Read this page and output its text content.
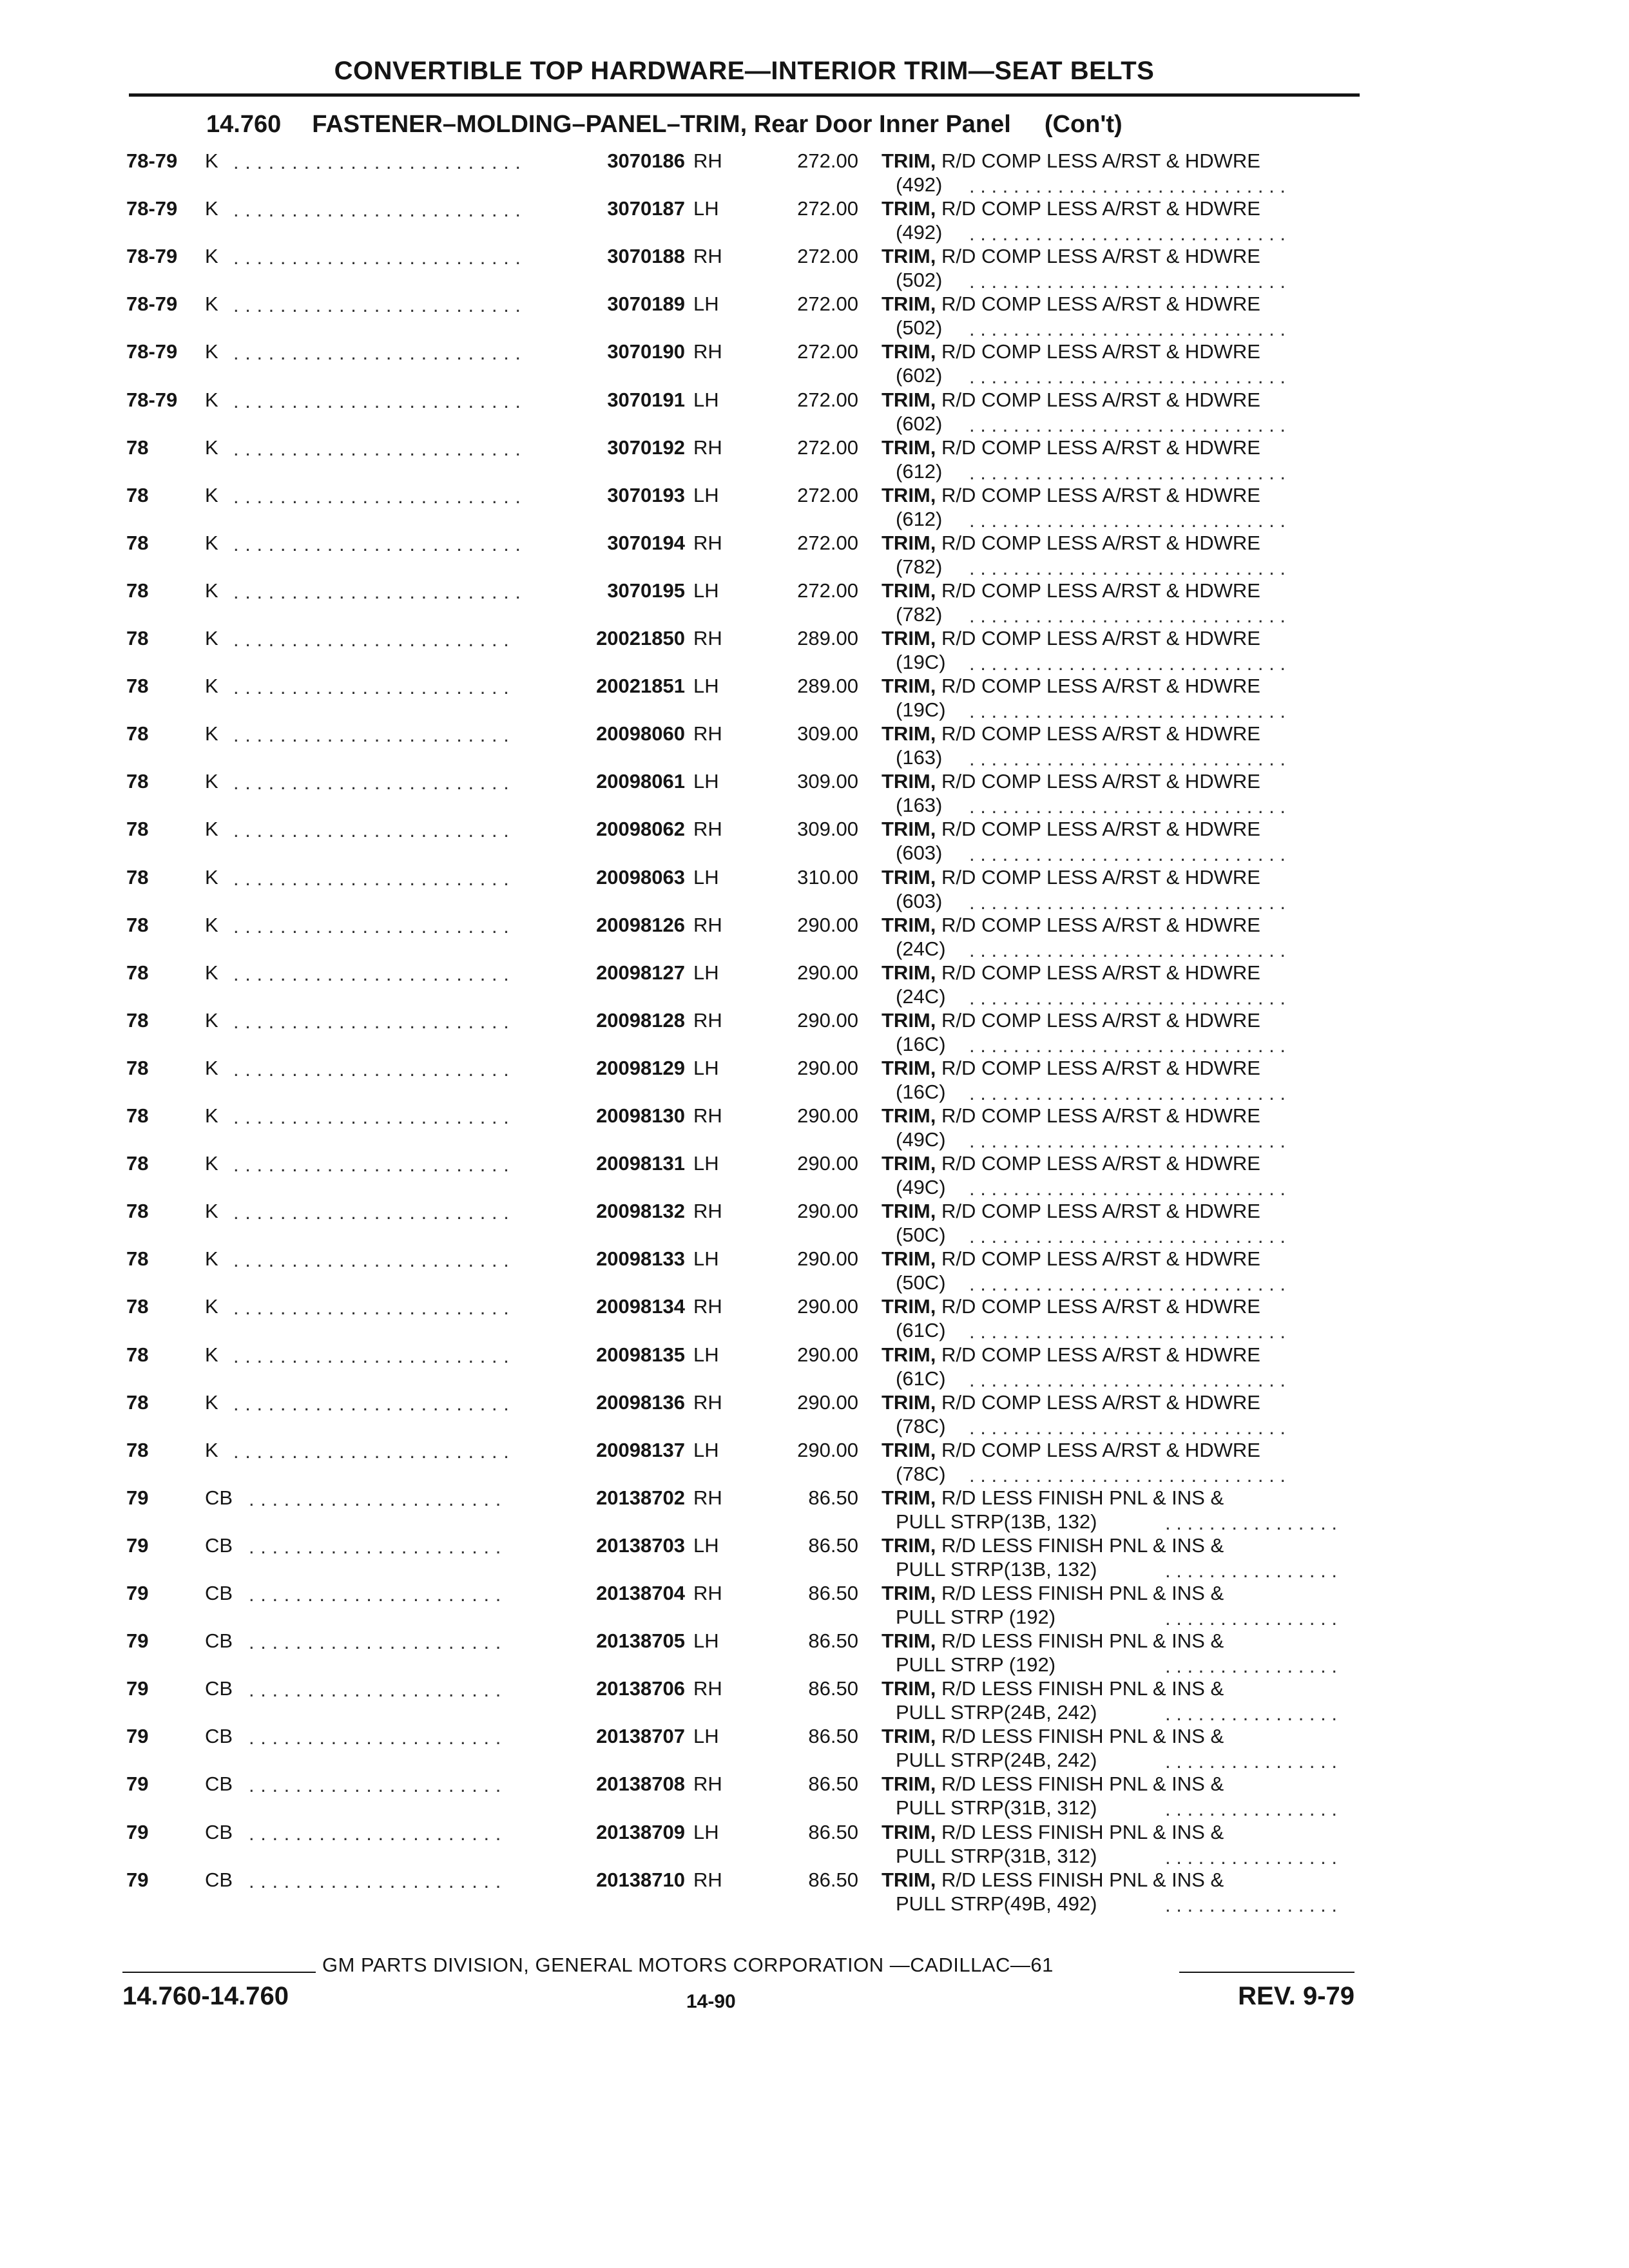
CONVERTIBLE TOP HARDWARE—INTERIOR TRIM—SEAT BELTS
14.760 FASTENER–MOLDING–PANEL–TRIM, Rear Door Inner Panel (Con't)
78-79 K . . . . . . . . . . . . . . . . . . . . . . . . .	3070186 RH	272.00 TRIM, R/D COMP LESS A/RST & HDWRE
(492) . . . . . . . . . . . . . . . . . . . . . . . . . . . . .
78-79 K . . . . . . . . . . . . . . . . . . . . . . . . .	3070187 LH	272.00 TRIM, R/D COMP LESS A/RST & HDWRE
(492) . . . . . . . . . . . . . . . . . . . . . . . . . . . . .
78-79 K . . . . . . . . . . . . . . . . . . . . . . . . .	3070188 RH	272.00 TRIM, R/D COMP LESS A/RST & HDWRE
(502) . . . . . . . . . . . . . . . . . . . . . . . . . . . . .
78-79 K . . . . . . . . . . . . . . . . . . . . . . . . .	3070189 LH	272.00 TRIM, R/D COMP LESS A/RST & HDWRE
(502) . . . . . . . . . . . . . . . . . . . . . . . . . . . . .
78-79 K . . . . . . . . . . . . . . . . . . . . . . . . .	3070190 RH	272.00 TRIM, R/D COMP LESS A/RST & HDWRE
(602) . . . . . . . . . . . . . . . . . . . . . . . . . . . . .
78-79 K . . . . . . . . . . . . . . . . . . . . . . . . .	3070191 LH	272.00 TRIM, R/D COMP LESS A/RST & HDWRE
(602) . . . . . . . . . . . . . . . . . . . . . . . . . . . . .
78	K . . . . . . . . . . . . . . . . . . . . . . . . .	3070192 RH	272.00 TRIM, R/D COMP LESS A/RST & HDWRE
(612) . . . . . . . . . . . . . . . . . . . . . . . . . . . . .
78	K . . . . . . . . . . . . . . . . . . . . . . . . .	3070193 LH	272.00 TRIM, R/D COMP LESS A/RST & HDWRE
(612) . . . . . . . . . . . . . . . . . . . . . . . . . . . . .
78	K . . . . . . . . . . . . . . . . . . . . . . . . .	3070194 RH	272.00 TRIM, R/D COMP LESS A/RST & HDWRE
(782) . . . . . . . . . . . . . . . . . . . . . . . . . . . . .
78	K . . . . . . . . . . . . . . . . . . . . . . . . .	3070195 LH	272.00 TRIM, R/D COMP LESS A/RST & HDWRE
(782) . . . . . . . . . . . . . . . . . . . . . . . . . . . . .
78	K . . . . . . . . . . . . . . . . . . . . . . . .	20021850 RH	289.00 TRIM, R/D COMP LESS A/RST & HDWRE
(19C) . . . . . . . . . . . . . . . . . . . . . . . . . . . . .
78	K . . . . . . . . . . . . . . . . . . . . . . . .	20021851 LH	289.00 TRIM, R/D COMP LESS A/RST & HDWRE
(19C) . . . . . . . . . . . . . . . . . . . . . . . . . . . . .
78	K . . . . . . . . . . . . . . . . . . . . . . . .	20098060 RH	309.00 TRIM, R/D COMP LESS A/RST & HDWRE
(163) . . . . . . . . . . . . . . . . . . . . . . . . . . . . .
78	K . . . . . . . . . . . . . . . . . . . . . . . .	20098061 LH	309.00 TRIM, R/D COMP LESS A/RST & HDWRE
(163) . . . . . . . . . . . . . . . . . . . . . . . . . . . . .
78	K . . . . . . . . . . . . . . . . . . . . . . . .	20098062 RH	309.00 TRIM, R/D COMP LESS A/RST & HDWRE
(603) . . . . . . . . . . . . . . . . . . . . . . . . . . . . .
78	K . . . . . . . . . . . . . . . . . . . . . . . .	20098063 LH	310.00 TRIM, R/D COMP LESS A/RST & HDWRE
(603) . . . . . . . . . . . . . . . . . . . . . . . . . . . . .
78	K . . . . . . . . . . . . . . . . . . . . . . . .	20098126 RH	290.00 TRIM, R/D COMP LESS A/RST & HDWRE
(24C) . . . . . . . . . . . . . . . . . . . . . . . . . . . . .
78	K . . . . . . . . . . . . . . . . . . . . . . . .	20098127 LH	290.00 TRIM, R/D COMP LESS A/RST & HDWRE
(24C) . . . . . . . . . . . . . . . . . . . . . . . . . . . . .
78	K . . . . . . . . . . . . . . . . . . . . . . . .	20098128 RH	290.00 TRIM, R/D COMP LESS A/RST & HDWRE
(16C) . . . . . . . . . . . . . . . . . . . . . . . . . . . . .
78	K . . . . . . . . . . . . . . . . . . . . . . . .	20098129 LH	290.00 TRIM, R/D COMP LESS A/RST & HDWRE
(16C) . . . . . . . . . . . . . . . . . . . . . . . . . . . . .
78	K . . . . . . . . . . . . . . . . . . . . . . . .	20098130 RH	290.00 TRIM, R/D COMP LESS A/RST & HDWRE
(49C) . . . . . . . . . . . . . . . . . . . . . . . . . . . . .
78	K . . . . . . . . . . . . . . . . . . . . . . . .	20098131 LH	290.00 TRIM, R/D COMP LESS A/RST & HDWRE
(49C) . . . . . . . . . . . . . . . . . . . . . . . . . . . . .
78	K . . . . . . . . . . . . . . . . . . . . . . . .	20098132 RH	290.00 TRIM, R/D COMP LESS A/RST & HDWRE
(50C) . . . . . . . . . . . . . . . . . . . . . . . . . . . . .
78	K . . . . . . . . . . . . . . . . . . . . . . . .	20098133 LH	290.00 TRIM, R/D COMP LESS A/RST & HDWRE
(50C) . . . . . . . . . . . . . . . . . . . . . . . . . . . . .
78	K . . . . . . . . . . . . . . . . . . . . . . . .	20098134 RH	290.00 TRIM, R/D COMP LESS A/RST & HDWRE
(61C) . . . . . . . . . . . . . . . . . . . . . . . . . . . . .
78	K . . . . . . . . . . . . . . . . . . . . . . . .	20098135 LH	290.00 TRIM, R/D COMP LESS A/RST & HDWRE
(61C) . . . . . . . . . . . . . . . . . . . . . . . . . . . . .
78	K . . . . . . . . . . . . . . . . . . . . . . . .	20098136 RH	290.00 TRIM, R/D COMP LESS A/RST & HDWRE
(78C) . . . . . . . . . . . . . . . . . . . . . . . . . . . . .
78	K . . . . . . . . . . . . . . . . . . . . . . . .	20098137 LH	290.00 TRIM, R/D COMP LESS A/RST & HDWRE
(78C) . . . . . . . . . . . . . . . . . . . . . . . . . . . . .
79	CB . . . . . . . . . . . . . . . . . . . . . .	20138702 RH	86.50 TRIM, R/D LESS FINISH PNL & INS &
PULL STRP(13B, 132)	. . . . . . . . . . . . . . . .
79	CB . . . . . . . . . . . . . . . . . . . . . .	20138703 LH	86.50 TRIM, R/D LESS FINISH PNL & INS &
PULL STRP(13B, 132)	. . . . . . . . . . . . . . . .
79	CB . . . . . . . . . . . . . . . . . . . . . .	20138704 RH	86.50 TRIM, R/D LESS FINISH PNL & INS &
PULL STRP (192)	. . . . . . . . . . . . . . . .
79	CB . . . . . . . . . . . . . . . . . . . . . .	20138705 LH	86.50 TRIM, R/D LESS FINISH PNL & INS &
PULL STRP (192)	. . . . . . . . . . . . . . . .
79	CB . . . . . . . . . . . . . . . . . . . . . .	20138706 RH	86.50 TRIM, R/D LESS FINISH PNL & INS &
PULL STRP(24B, 242)	. . . . . . . . . . . . . . . .
79	CB . . . . . . . . . . . . . . . . . . . . . .	20138707 LH	86.50 TRIM, R/D LESS FINISH PNL & INS &
PULL STRP(24B, 242)	. . . . . . . . . . . . . . . .
79	CB . . . . . . . . . . . . . . . . . . . . . .	20138708 RH	86.50 TRIM, R/D LESS FINISH PNL & INS &
PULL STRP(31B, 312)	. . . . . . . . . . . . . . . .
79	CB . . . . . . . . . . . . . . . . . . . . . .	20138709 LH	86.50 TRIM, R/D LESS FINISH PNL & INS &
PULL STRP(31B, 312)	. . . . . . . . . . . . . . . .
79	CB . . . . . . . . . . . . . . . . . . . . . .	20138710 RH	86.50 TRIM, R/D LESS FINISH PNL & INS &
PULL STRP(49B, 492)	. . . . . . . . . . . . . . . .
GM PARTS DIVISION, GENERAL MOTORS CORPORATION —CADILLAC—61
14.760-14.760	14-90	REV. 9-79
